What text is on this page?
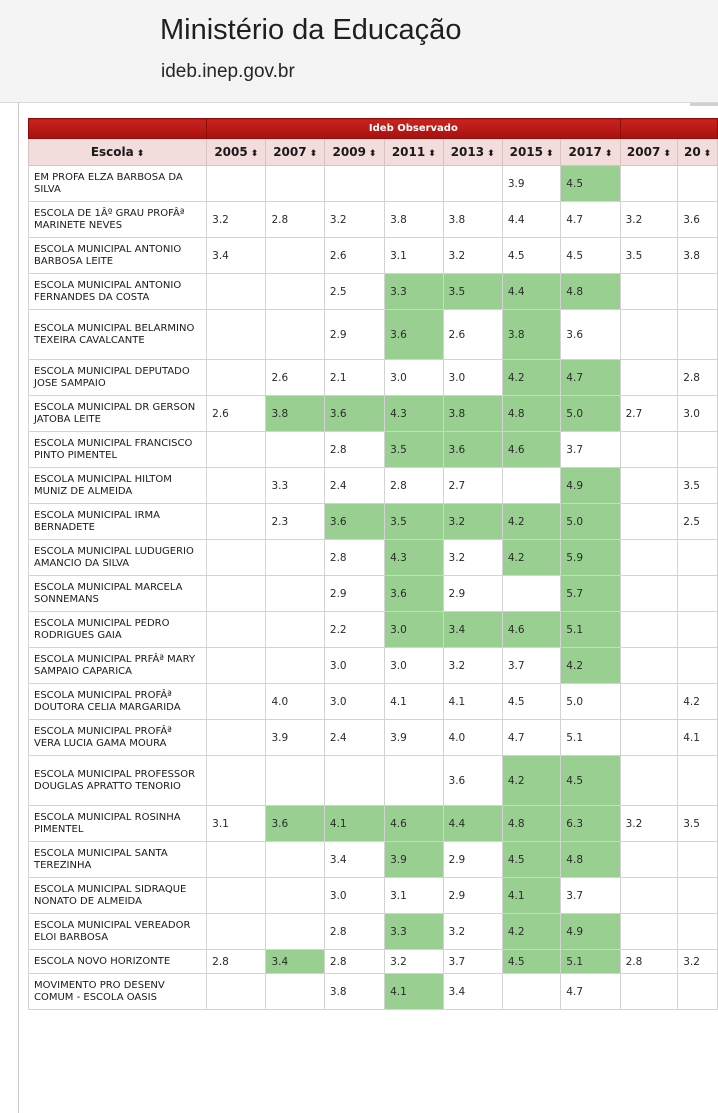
Ministério da Educação
ideb.inep.gov.br
	Ideb Observado								
Escola ⬍	2005 ⬍	2007 ⬍	2009 ⬍	2011 ⬍	2013 ⬍	2015 ⬍	2017 ⬍	2007 ⬍	20 ⬍
EM PROFA ELZA BARBOSA DA SILVA						3.9	4.5		
ESCOLA DE 1Âº GRAU PROFÂª MARINETE NEVES	3.2	2.8	3.2	3.8	3.8	4.4	4.7	3.2	3.6
ESCOLA MUNICIPAL ANTONIO BARBOSA LEITE	3.4		2.6	3.1	3.2	4.5	4.5	3.5	3.8
ESCOLA MUNICIPAL ANTONIO FERNANDES DA COSTA			2.5	3.3	3.5	4.4	4.8		
ESCOLA MUNICIPAL BELARMINO TEXEIRA CAVALCANTE			2.9	3.6	2.6	3.8	3.6		
ESCOLA MUNICIPAL DEPUTADO JOSE SAMPAIO		2.6	2.1	3.0	3.0	4.2	4.7		2.8
ESCOLA MUNICIPAL DR GERSON JATOBA LEITE	2.6	3.8	3.6	4.3	3.8	4.8	5.0	2.7	3.0
ESCOLA MUNICIPAL FRANCISCO PINTO PIMENTEL			2.8	3.5	3.6	4.6	3.7		
ESCOLA MUNICIPAL HILTOM MUNIZ DE ALMEIDA		3.3	2.4	2.8	2.7		4.9		3.5
ESCOLA MUNICIPAL IRMA BERNADETE		2.3	3.6	3.5	3.2	4.2	5.0		2.5
ESCOLA MUNICIPAL LUDUGERIO AMANCIO DA SILVA			2.8	4.3	3.2	4.2	5.9		
ESCOLA MUNICIPAL MARCELA SONNEMANS			2.9	3.6	2.9		5.7		
ESCOLA MUNICIPAL PEDRO RODRIGUES GAIA			2.2	3.0	3.4	4.6	5.1		
ESCOLA MUNICIPAL PRFÂª MARY SAMPAIO CAPARICA			3.0	3.0	3.2	3.7	4.2		
ESCOLA MUNICIPAL PROFÂª DOUTORA CELIA MARGARIDA		4.0	3.0	4.1	4.1	4.5	5.0		4.2
ESCOLA MUNICIPAL PROFÂª VERA LUCIA GAMA MOURA		3.9	2.4	3.9	4.0	4.7	5.1		4.1
ESCOLA MUNICIPAL PROFESSOR DOUGLAS APRATTO TENORIO					3.6	4.2	4.5		
ESCOLA MUNICIPAL ROSINHA PIMENTEL	3.1	3.6	4.1	4.6	4.4	4.8	6.3	3.2	3.5
ESCOLA MUNICIPAL SANTA TEREZINHA			3.4	3.9	2.9	4.5	4.8		
ESCOLA MUNICIPAL SIDRAQUE NONATO DE ALMEIDA			3.0	3.1	2.9	4.1	3.7		
ESCOLA MUNICIPAL VEREADOR ELOI BARBOSA			2.8	3.3	3.2	4.2	4.9		
ESCOLA NOVO HORIZONTE	2.8	3.4	2.8	3.2	3.7	4.5	5.1	2.8	3.2
MOVIMENTO PRO DESENV COMUM - ESCOLA OASIS			3.8	4.1	3.4		4.7		
